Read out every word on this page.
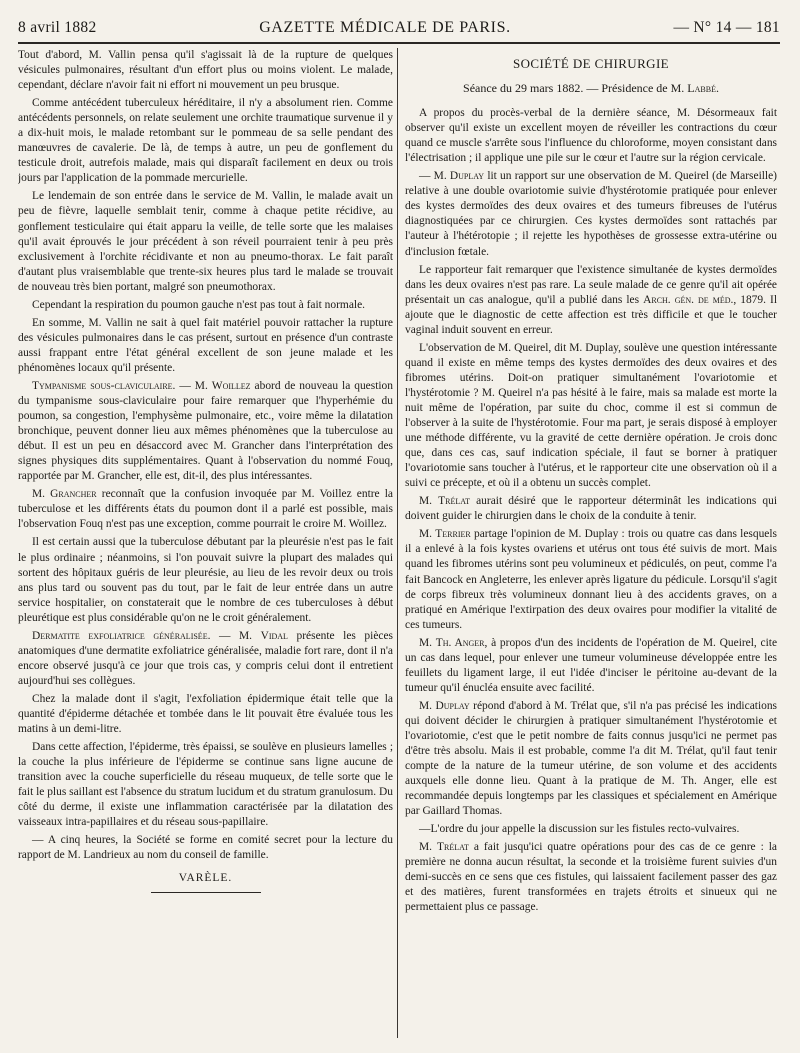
8 avril 1882	GAZETTE MÉDICALE DE PARIS.	— N° 14 — 181

Tout d'abord, M. Vallin pensa qu'il s'agissait là de la rupture de quelques vésicules pulmonaires, résultant d'un effort plus ou moins violent. Le malade, cependant, déclare n'avoir fait ni effort ni mouvement un peu brusque.

Comme antécédent tuberculeux héréditaire, il n'y a absolument rien. Comme antécédents personnels, on relate seulement une orchite traumatique survenue il y a dix-huit mois, le malade retombant sur le pommeau de sa selle pendant des manœuvres de cavalerie. De là, de temps à autre, un peu de gonflement du testicule droit, autrefois malade, mais qui disparaît facilement en deux ou trois jours par l'application de la pommade mercurielle.

Le lendemain de son entrée dans le service de M. Vallin, le malade avait un peu de fièvre, laquelle semblait tenir, comme à chaque petite récidive, au gonflement testiculaire qui était apparu la veille, de telle sorte que les malaises qu'il avait éprouvés le jour précédent à son réveil pourraient tenir à peu près exclusivement à l'orchite récidivante et non au pneumo-thorax. Le fait paraît d'autant plus vraisemblable que trente-six heures plus tard le malade se trouvait de nouveau très bien portant, malgré son pneumothorax.

Cependant la respiration du poumon gauche n'est pas tout à fait normale.

En somme, M. Vallin ne sait à quel fait matériel pouvoir rattacher la rupture des vésicules pulmonaires dans le cas présent, surtout en présence d'un contraste aussi frappant entre l'état général excellent de son jeune malade et les phénomènes locaux qu'il présente.

Tympanisme sous-claviculaire. — M. Woillez abord de nouveau la question du tympanisme sous-claviculaire pour faire remarquer que l'hyperhémie du poumon, sa congestion, l'emphysème pulmonaire, etc., voire même la dilatation bronchique, peuvent donner lieu aux mêmes phénomènes que la tuberculose au début. Il est un peu en désaccord avec M. Grancher dans l'interprétation des signes physiques dits supplémentaires. Quant à l'observation du nommé Fouq, rapportée par M. Grancher, elle est, dit-il, des plus intéressantes.

M. Grancher reconnaît que la confusion invoquée par M. Voillez entre la tuberculose et les différents états du poumon dont il a parlé est possible, mais l'observation Fouq n'est pas une exception, comme pourrait le croire M. Woillez.

Il est certain aussi que la tuberculose débutant par la pleurésie n'est pas le fait le plus ordinaire ; néanmoins, si l'on pouvait suivre la plupart des malades qui sortent des hôpitaux guéris de leur pleurésie, au lieu de les revoir deux ou trois ans plus tard ou souvent pas du tout, par le fait de leur entrée dans un autre service hospitalier, on constaterait que le nombre de ces tuberculoses à début pleurétique est plus considérable qu'on ne le croit généralement.

Dermatite exfoliatrice généralisée. — M. Vidal présente les pièces anatomiques d'une dermatite exfoliatrice généralisée, maladie fort rare, dont il n'a encore observé jusqu'à ce jour que trois cas, y compris celui dont il entretient aujourd'hui ses collègues.

Chez la malade dont il s'agit, l'exfoliation épidermique était telle que la quantité d'épiderme détachée et tombée dans le lit pouvait être évaluée tous les matins à un demi-litre.

Dans cette affection, l'épiderme, très épaissi, se soulève en plusieurs lamelles ; la couche la plus inférieure de l'épiderme se continue sans ligne aucune de transition avec la couche superficielle du réseau muqueux, de telle sorte que le fait le plus saillant est l'absence du stratum lucidum et du stratum granulosum. Du côté du derme, il existe une inflammation caractérisée par la dilatation des vaisseaux intra-papillaires et du réseau sous-papillaire.

— A cinq heures, la Société se forme en comité secret pour la lecture du rapport de M. Landrieux au nom du conseil de famille.

VARÈLE.
SOCIÉTÉ DE CHIRURGIE
Séance du 29 mars 1882. — Présidence de M. Labbé.

A propos du procès-verbal de la dernière séance, M. Désormeaux fait observer qu'il existe un excellent moyen de réveiller les contractions du cœur quand ce muscle s'arrête sous l'influence du chloroforme, moyen consistant dans l'électrisation ; il applique une pile sur le cœur et l'autre sur la région cervicale.

— M. Duplay lit un rapport sur une observation de M. Queirel (de Marseille) relative à une double ovariotomie suivie d'hystérotomie pratiquée pour enlever des kystes dermoïdes des deux ovaires et des tumeurs fibreuses de l'utérus diagnostiquées par ce chirurgien. Ces kystes dermoïdes sont rattachés par l'auteur à l'hétérotopie ; il rejette les hypothèses de grossesse extra-utérine ou d'inclusion fœtale.

Le rapporteur fait remarquer que l'existence simultanée de kystes dermoïdes dans les deux ovaires n'est pas rare. La seule malade de ce genre qu'il ait opérée présentait un cas analogue, qu'il a publié dans les Arch. gén. de méd., 1879. Il ajoute que le diagnostic de cette affection est très difficile et que le toucher vaginal induit souvent en erreur.

L'observation de M. Queirel, dit M. Duplay, soulève une question intéressante quand il existe en même temps des kystes dermoïdes des deux ovaires et des fibromes utérins. Doit-on pratiquer simultanément l'ovariotomie et l'hystérotomie ? M. Queirel n'a pas hésité à le faire, mais sa malade est morte la nuit même de l'opération, par suite du choc, comme il est si commun de l'observer à la suite de l'hystérotomie. Four ma part, je serais disposé à employer une méthode différente, vu la gravité de cette dernière opération. Je crois donc que, dans ces cas, sauf indication spéciale, il faut se borner à pratiquer l'ovariotomie sans toucher à l'utérus, et le rapporteur cite une observation où il a suivi ce précepte, et où il a obtenu un succès complet.

M. Trélat aurait désiré que le rapporteur déterminât les indications qui doivent guider le chirurgien dans le choix de la conduite à tenir.

M. Terrier partage l'opinion de M. Duplay : trois ou quatre cas dans lesquels il a enlevé à la fois kystes ovariens et utérus ont tous été suivis de mort. Mais quand les fibromes utérins sont peu volumineux et pédiculés, on peut, comme l'a fait Bancock en Angleterre, les enlever après ligature du pédicule. Lorsqu'il s'agit de corps fibreux très volumineux donnant lieu à des accidents graves, on a pratiqué en Amérique l'extirpation des deux ovaires pour modifier la vitalité de ces tumeurs.

M. Th. Anger, à propos d'un des incidents de l'opération de M. Queirel, cite un cas dans lequel, pour enlever une tumeur volumineuse développée entre les feuillets du ligament large, il eut l'idée d'inciser le péritoine au-devant de la tumeur qu'il énucléa ensuite avec facilité.

M. Duplay répond d'abord à M. Trélat que, s'il n'a pas précisé les indications qui doivent décider le chirurgien à pratiquer simultanément l'hystérotomie et l'ovariotomie, c'est que le petit nombre de faits connus jusqu'ici ne permet pas d'être très absolu. Mais il est probable, comme l'a dit M. Trélat, qu'il faut tenir compte de la nature de la tumeur utérine, de son volume et des accidents auxquels elle donne lieu. Quant à la pratique de M. Th. Anger, elle est recommandée depuis longtemps par les classiques et spécialement en Amérique par Gaillard Thomas.

—L'ordre du jour appelle la discussion sur les fistules recto-vulvaires.

M. Trélat a fait jusqu'ici quatre opérations pour des cas de ce genre : la première ne donna aucun résultat, la seconde et la troisième furent suivies d'un demi-succès en ce sens que ces fistules, qui laissaient facilement passer des gaz et des matières, furent transformées en trajets étroits et sinueux qui ne permettaient plus ce passage.
